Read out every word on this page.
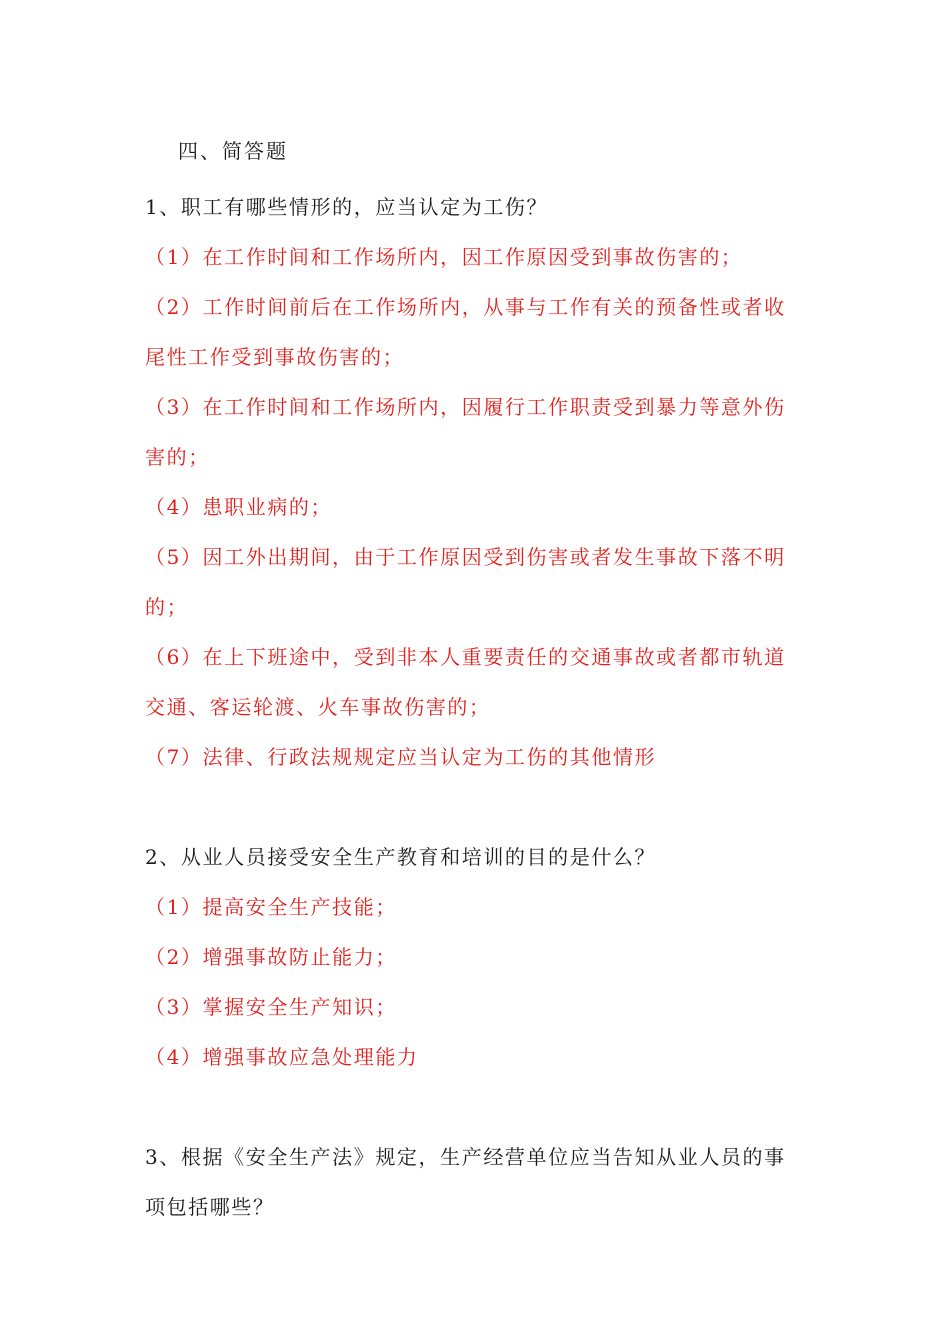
四、简答题
1、职工有哪些情形的，应当认定为工伤？
（1）在工作时间和工作场所内，因工作原因受到事故伤害的；
（2）工作时间前后在工作场所内，从事与工作有关的预备性或者收
尾性工作受到事故伤害的；
（3）在工作时间和工作场所内，因履行工作职责受到暴力等意外伤
害的；
（4）患职业病的；
（5）因工外出期间，由于工作原因受到伤害或者发生事故下落不明
的；
（6）在上下班途中，受到非本人重要责任的交通事故或者都市轨道
交通、客运轮渡、火车事故伤害的；
（7）法律、行政法规规定应当认定为工伤的其他情形
2、从业人员接受安全生产教育和培训的目的是什么？
（1）提高安全生产技能；
（2）增强事故防止能力；
（3）掌握安全生产知识；
（4）增强事故应急处理能力
3、根据《安全生产法》规定，生产经营单位应当告知从业人员的事
项包括哪些？
